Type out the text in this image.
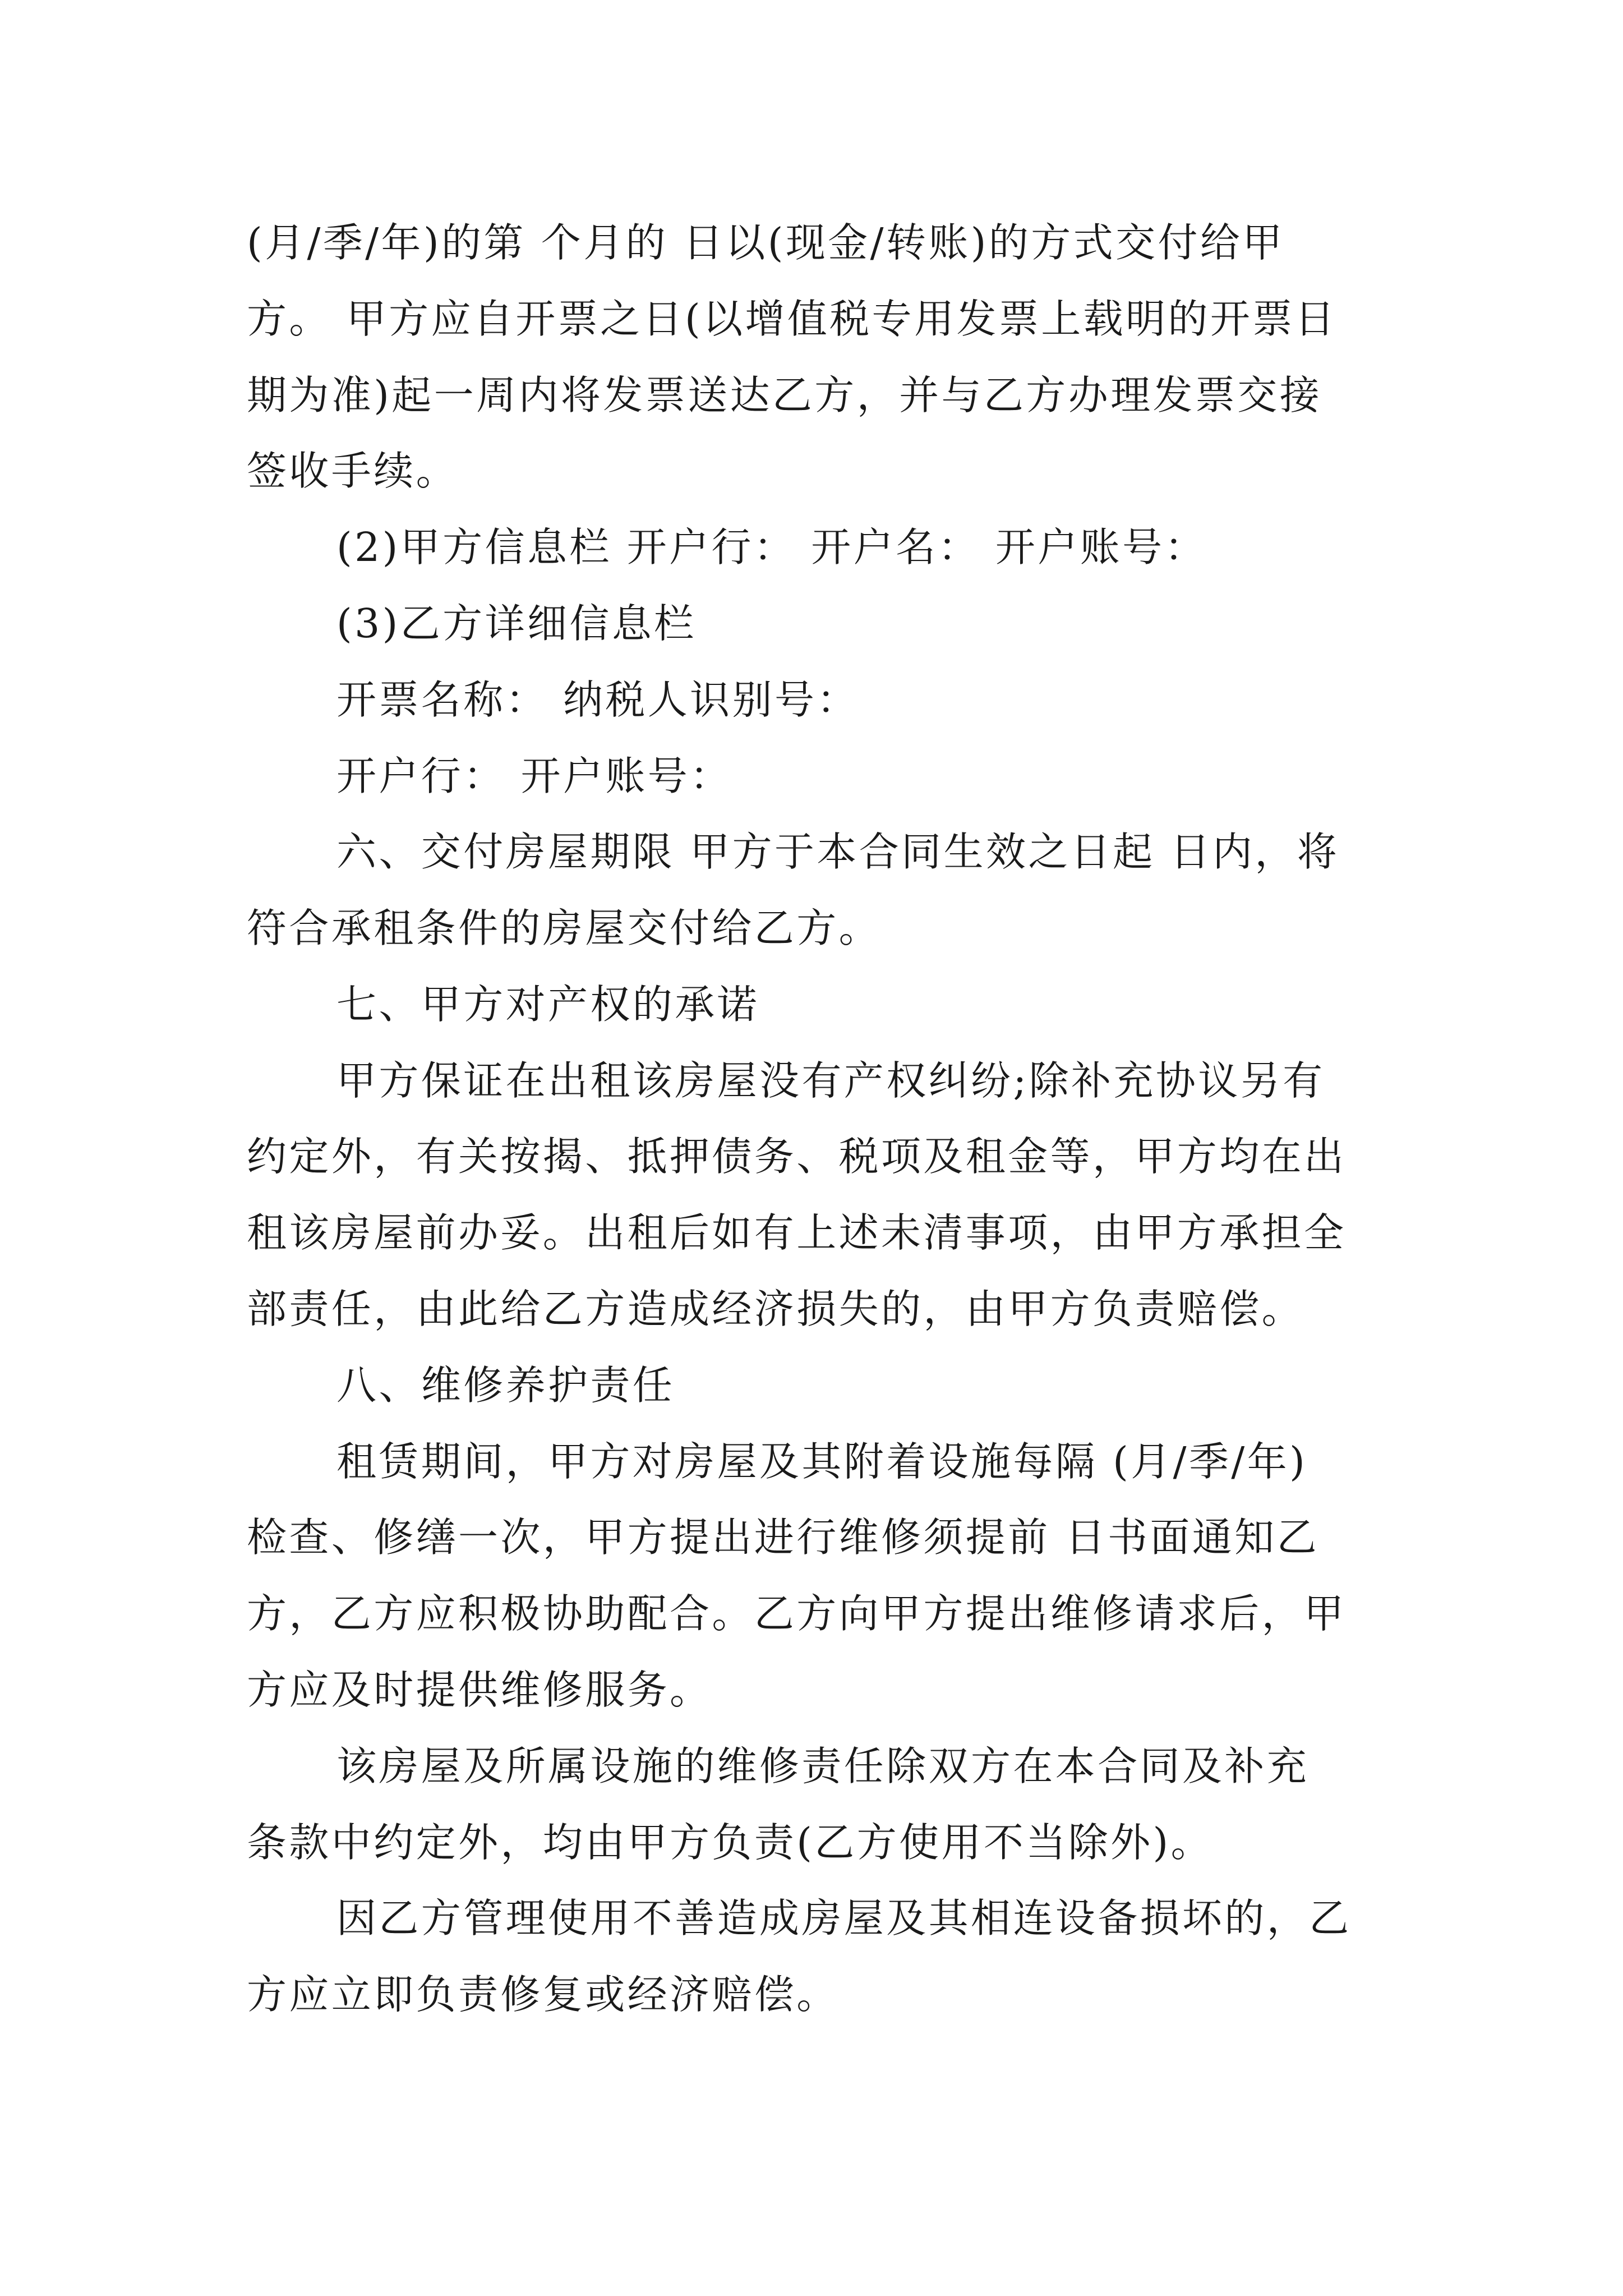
(月/季/年)的第 个月的 日以(现金/转账)的方式交付给甲

方。 甲方应自开票之日(以增值税专用发票上载明的开票日

期为准)起一周内将发票送达乙方，并与乙方办理发票交接

签收手续。

(2)甲方信息栏 开户行： 开户名： 开户账号：

(3)乙方详细信息栏

开票名称： 纳税人识别号：

开户行： 开户账号：

六、交付房屋期限 甲方于本合同生效之日起 日内，将

符合承租条件的房屋交付给乙方。

七、甲方对产权的承诺

甲方保证在出租该房屋没有产权纠纷;除补充协议另有

约定外，有关按揭、抵押债务、税项及租金等，甲方均在出

租该房屋前办妥。出租后如有上述未清事项，由甲方承担全

部责任，由此给乙方造成经济损失的，由甲方负责赔偿。

八、维修养护责任

租赁期间，甲方对房屋及其附着设施每隔 (月/季/年)

检查、修缮一次，甲方提出进行维修须提前 日书面通知乙

方，乙方应积极协助配合。乙方向甲方提出维修请求后，甲

方应及时提供维修服务。

该房屋及所属设施的维修责任除双方在本合同及补充

条款中约定外，均由甲方负责(乙方使用不当除外)。

因乙方管理使用不善造成房屋及其相连设备损坏的，乙

方应立即负责修复或经济赔偿。
